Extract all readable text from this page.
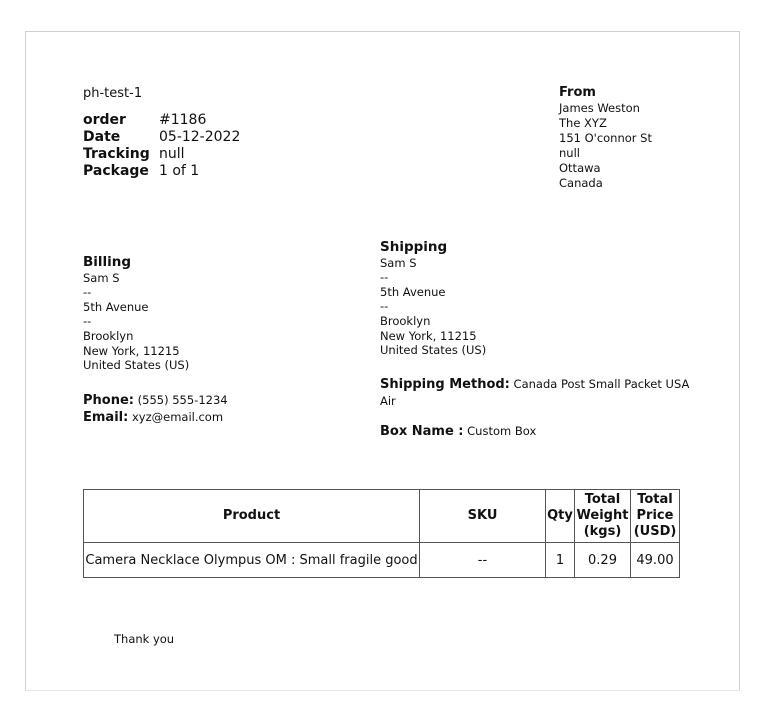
ph-test-1
order	#1186
Date	05-12-2022
Tracking null
Package 1 of 1
From
James Weston
The XYZ
151 O'connor St
null
Ottawa
Canada
Billing
Sam S
--
5th Avenue
--
Brooklyn
New York, 11215
United States (US)
Phone: (555) 555-1234
Email: xyz@email.com
Shipping
Sam S
--
5th Avenue
--
Brooklyn
New York, 11215
United States (US)
Shipping Method: Canada Post Small Packet USA Air
Box Name : Custom Box
Product	SKU	Qty	Total Weight (kgs)	Total Price (USD)
Camera Necklace Olympus OM : Small fragile good	--	1	0.29	49.00
Thank you
